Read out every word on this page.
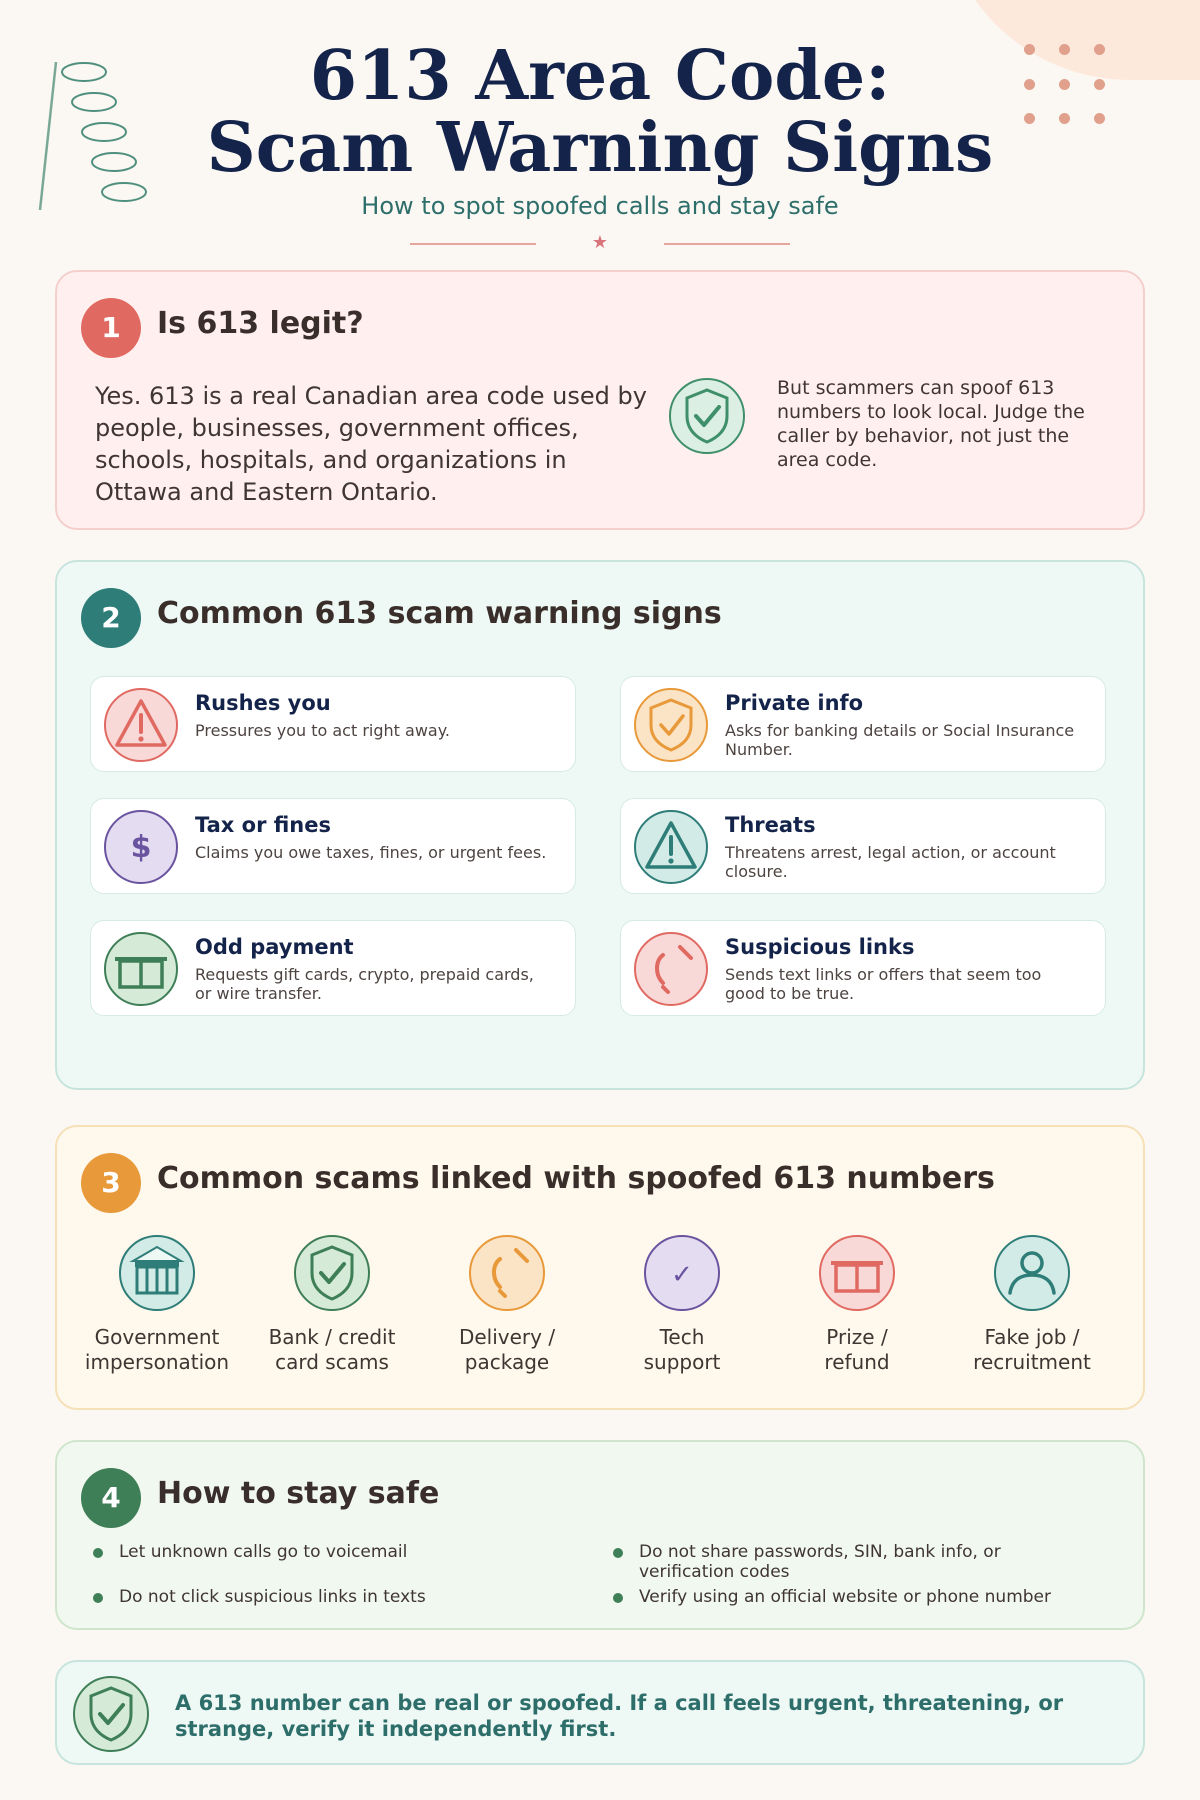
613 Area Code:
Scam Warning Signs
How to spot spoofed calls and stay safe
★
1	Is 613 legit?
Yes. 613 is a real Canadian area code used by people, businesses, government offices, schools, hospitals, and organizations in Ottawa and Eastern Ontario.
But scammers can spoof 613 numbers to look local. Judge the caller by behavior, not just the area code.
2	Common 613 scam warning signs
Rushes you
Pressures you to act right away.
Private info
Asks for banking details or Social Insurance Number.
$
Tax or fines
Claims you owe taxes, fines, or urgent fees.
Threats
Threatens arrest, legal action, or account closure.
Odd payment
Requests gift cards, crypto, prepaid cards, or wire transfer.
Suspicious links
Sends text links or offers that seem too good to be true.
3	Common scams linked with spoofed 613 numbers
Government
impersonation
Bank / credit
card scams
Delivery /
package
✓
Tech
support
Prize /
refund
Fake job /
recruitment
4	How to stay safe
Let unknown calls go to voicemail	Do not share passwords, SIN, bank info, or verification codes
Do not click suspicious links in texts	Verify using an official website or phone number
A 613 number can be real or spoofed. If a call feels urgent, threatening, or strange, verify it independently first.
